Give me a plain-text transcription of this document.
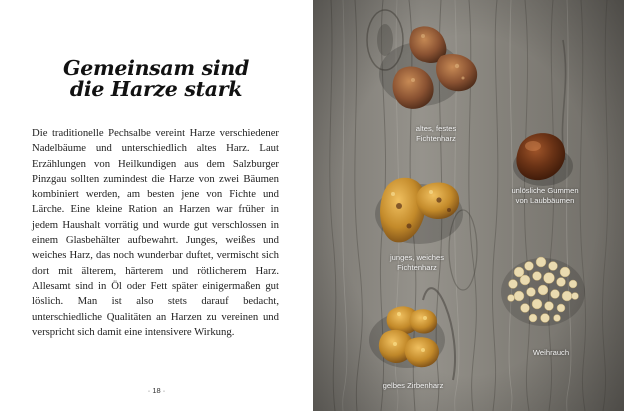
Gemeinsam sind
die Harze stark

Die traditionelle Pechsalbe vereint Harze verschiedener Nadelbäume und unterschiedlich altes Harz. Laut Erzählungen von Heilkundigen aus dem Salzburger Pinzgau sollten zumindest die Harze von zwei Bäumen kombiniert werden, am besten jene von Fichte und Lärche. Eine kleine Ration an Harzen war früher in jedem Haushalt vorrätig und wurde gut verschlossen in einem Glasbehälter aufbewahrt. Junges, weißes und weiches Harz, das noch wunderbar duftet, vermischt sich dort mit älterem, härterem und rötlicherem Harz. Allesamt sind in Öl oder Fett später einigermaßen gut löslich. Man ist also stets darauf bedacht, unterschiedliche Qualitäten an Harzen zu vereinen und verspricht sich damit eine intensivere Wirkung.

· 18 ·
altes, festes
Fichtenharz
unlösliche Gummen
von Laubbäumen
junges, weiches
Fichtenharz
Weihrauch
gelbes Zirbenharz
